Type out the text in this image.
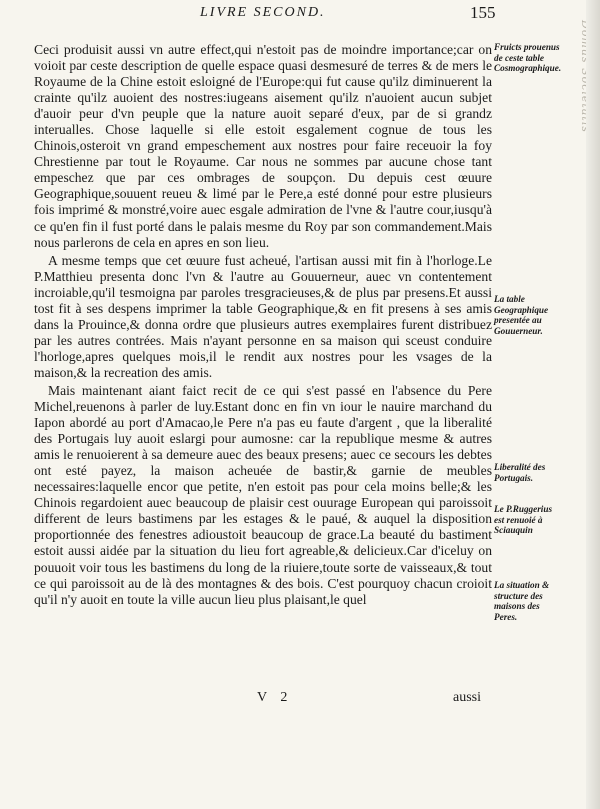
LIVRE SECOND.	155

Ceci produisit aussi vn autre effect,qui n'estoit pas de moindre importance;car on voioit par ceste description de quelle espace quasi desmesuré de terres & de mers le Royaume de la Chine estoit esloigné de l'Europe:qui fut cause qu'ilz diminuerent la crainte qu'ilz auoient des nostres:iugeans aisement qu'ilz n'auoient aucun subjet d'auoir peur d'vn peuple que la nature auoit separé d'eux, par de si grandz interualles. Chose laquelle si elle estoit esgalement cognue de tous les Chinois,osteroit vn grand empeschement aux nostres pour faire receuoir la foy Chrestienne par tout le Royaume. Car nous ne sommes par aucune chose tant empeschez que par ces ombrages de soupçon. Du depuis cest œuure Geographique,souuent reueu & limé par le Pere,a esté donné pour estre plusieurs fois imprimé & monstré,voire auec esgale admiration de l'vne & l'autre cour,iusqu'à ce qu'en fin il fust porté dans le palais mesme du Roy par son commandement.Mais nous parlerons de cela en apres en son lieu.

A mesme temps que cet œuure fust acheué, l'artisan aussi mit fin à l'horloge.Le P.Matthieu presenta donc l'vn & l'autre au Gouuerneur, auec vn contentement incroiable,qu'il tesmoigna par paroles tresgracieuses,& de plus par presens.Et aussi tost fit à ses despens imprimer la table Geographique,& en fit presens à ses amis dans la Prouince,& donna ordre que plusieurs autres exemplaires furent distribuez par les autres contrées. Mais n'ayant personne en sa maison qui sceust conduire l'horloge,apres quelques mois,il le rendit aux nostres pour les vsages de la maison,& la recreation des amis.

Mais maintenant aiant faict recit de ce qui s'est passé en l'absence du Pere Michel,reuenons à parler de luy.Estant donc en fin vn iour le nauire marchand du Iapon abordé au port d'Amacao,le Pere n'a pas eu faute d'argent , que la liberalité des Portugais luy auoit eslargi pour aumosne: car la republique mesme & autres amis le renuoierent à sa demeure auec des beaux presens; auec ce secours les debtes ont esté payez, la maison acheuée de bastir,& garnie de meubles necessaires:laquelle encor que petite, n'en estoit pas pour cela moins belle;& les Chinois regardoient auec beaucoup de plaisir cest ouurage European qui paroissoit different de leurs bastimens par les estages & le paué, & auquel la disposition proportionnée des fenestres adioustoit beaucoup de grace.La beauté du bastiment estoit aussi aidée par la situation du lieu fort agreable,& delicieux.Car d'iceluy on pouuoit voir tous les bastimens du long de la riuiere,toute sorte de vaisseaux,& tout ce qui paroissoit au de là des montagnes & des bois. C'est pourquoy chacun croioit qu'il n'y auoit en toute la ville aucun lieu plus plaisant,le quel

Fruicts prouenus de ceste table Cosmographique.
La table Geographique presentée au Gouuerneur.
Liberalité des Portugais.
Le P.Ruggerius est renuoié à Sciauquin
La situation & structure des maisons des Peres.
V 2	aussi
